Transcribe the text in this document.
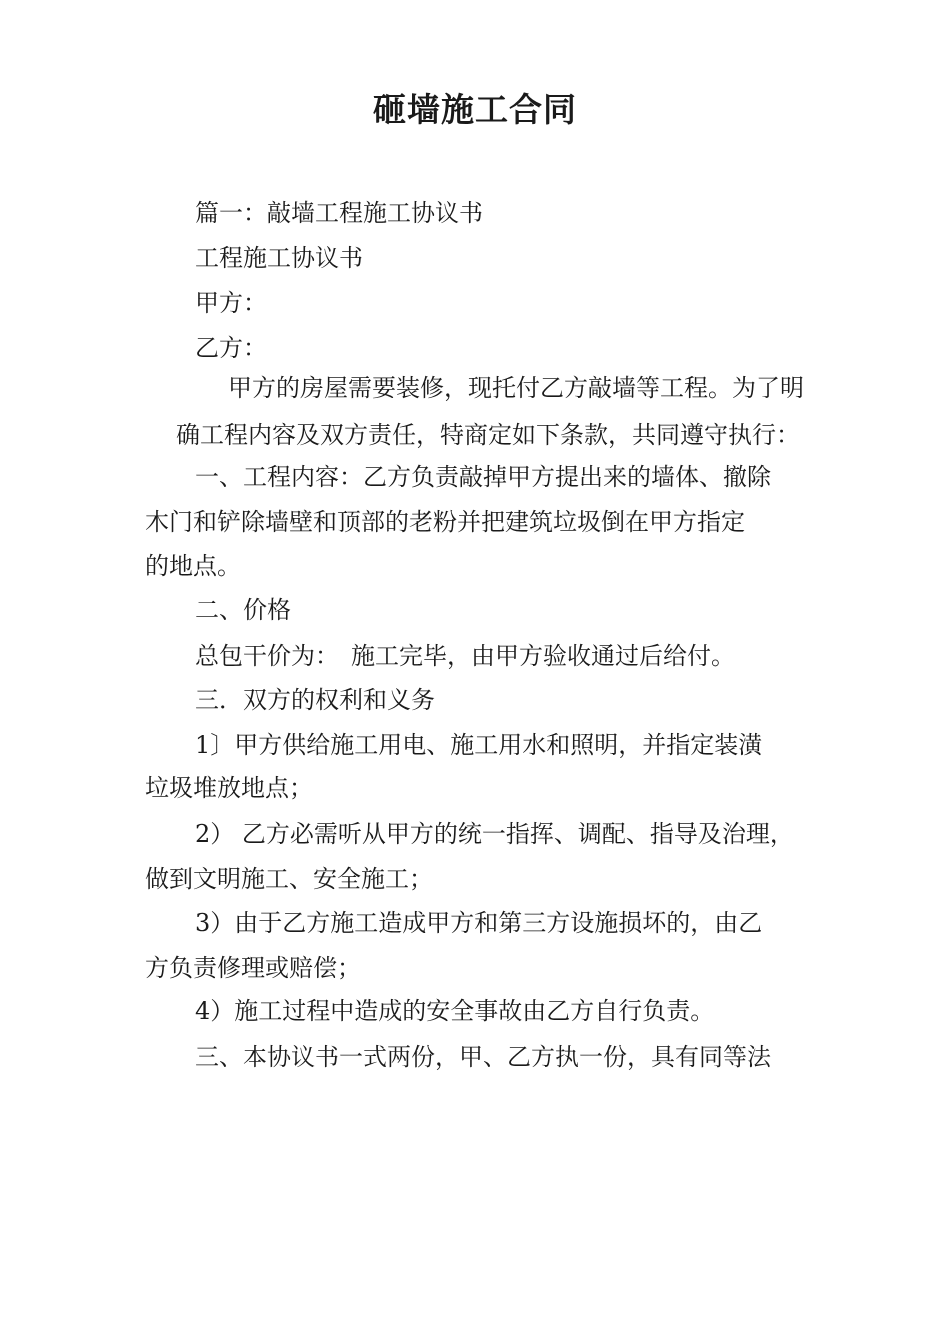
砸墙施工合同
篇一：敲墙工程施工协议书
工程施工协议书
甲方：
乙方：
甲方的房屋需要装修，现托付乙方敲墙等工程。为了明
确工程内容及双方责任，特商定如下条款，共同遵守执行：
一、工程内容：乙方负责敲掉甲方提出来的墙体、撤除
木门和铲除墙壁和顶部的老粉并把建筑垃圾倒在甲方指定
的地点。
二、价格
总包干价为：　施工完毕，由甲方验收通过后给付。
三．双方的权利和义务
1〕甲方供给施工用电、施工用水和照明，并指定装潢
垃圾堆放地点；
2） 乙方必需听从甲方的统一指挥、调配、指导及治理，
做到文明施工、安全施工；
3）由于乙方施工造成甲方和第三方设施损坏的，由乙
方负责修理或赔偿；
4）施工过程中造成的安全事故由乙方自行负责。
三、本协议书一式两份，甲、乙方执一份，具有同等法
